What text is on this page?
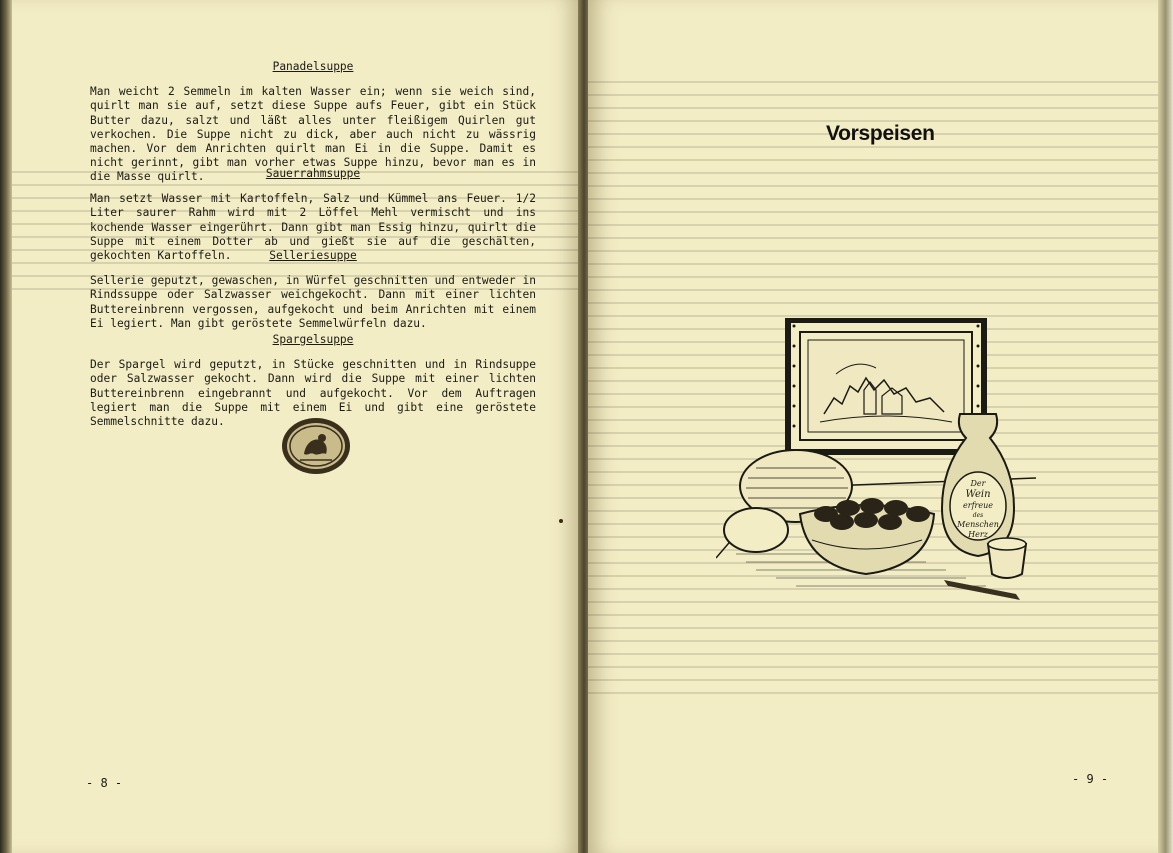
Panadelsuppe

Man weicht 2 Semmeln im kalten Wasser ein; wenn sie weich sind, quirlt man sie auf, setzt diese Suppe aufs Feuer, gibt ein Stück Butter dazu, salzt und läßt alles unter fleißigem Quirlen gut verkochen. Die Suppe nicht zu dick, aber auch nicht zu wässrig machen. Vor dem Anrichten quirlt man Ei in die Suppe. Damit es nicht gerinnt, gibt man vorher etwas Suppe hinzu, bevor man es in die Masse quirlt.	Sauerrahmsuppe

Man setzt Wasser mit Kartoffeln, Salz und Kümmel ans Feuer. 1/2 Liter saurer Rahm wird mit 2 Löffel Mehl vermischt und ins kochende Wasser eingerührt. Dann gibt man Essig hinzu, quirlt die Suppe mit einem Dotter ab und gießt sie auf die geschälten, gekochten Kartoffeln.	Selleriesuppe

Sellerie geputzt, gewaschen, in Würfel geschnitten und entweder in Rindssuppe oder Salzwasser weichgekocht. Dann mit einer lichten Buttereinbrenn vergossen, aufgekocht und beim Anrichten mit einem Ei legiert. Man gibt geröstete Semmelwürfeln dazu.

Spargelsuppe

Der Spargel wird geputzt, in Stücke geschnitten und in Rindsuppe oder Salzwasser gekocht. Dann wird die Suppe mit einer lichten Buttereinbrenn eingebrannt und aufgekocht. Vor dem Auftragen legiert man die Suppe mit einem Ei und gibt eine geröstete Semmelschnitte dazu.

- 8 -	- 9 -
Vorspeisen
Der
Wein
erfreue
des
Menschen
Herz
